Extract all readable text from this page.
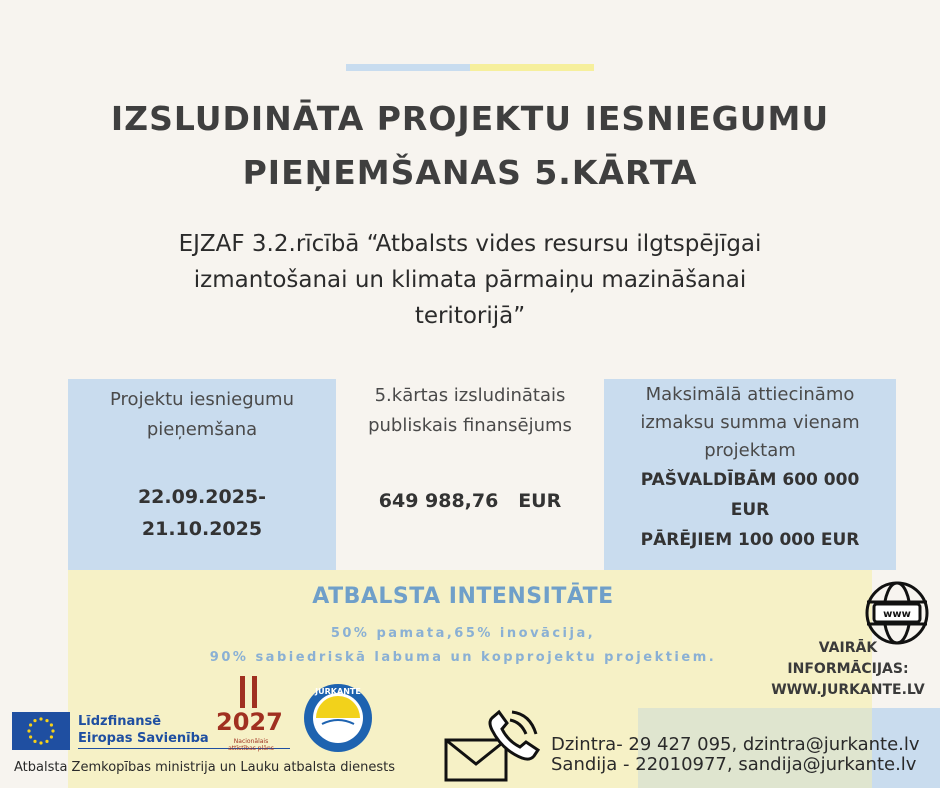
IZSLUDINĀTA PROJEKTU IESNIEGUMU
PIEŅEMŠANAS 5.KĀRTA
EJZAF 3.2.rīcībā “Atbalsts vides resursu ilgtspējīgai
izmantošanai un klimata pārmaiņu mazināšanai
teritorijā”
Projektu iesniegumu
pieņemšana
22.09.2025-
21.10.2025
5.kārtas izsludinātais
publiskais finansējums
649 988,76   EUR
Maksimālā attiecināmo
izmaksu summa vienam
projektam
PAŠVALDĪBĀM 600 000
EUR
PĀRĒJIEM 100 000 EUR
ATBALSTA INTENSITĀTE
50% pamata,65% inovācija,
90% sabiedriskā labuma un kopprojektu projektiem.
www
VAIRĀK
INFORMĀCIJAS:
WWW.JURKANTE.LV
Dzintra- 29 427 095, dzintra@jurkante.lv
Sandija - 22010977, sandija@jurkante.lv
Līdzfinansē
Eiropas Savienība
2027
Nacionālais
attīstības plāns
JURKANTE
Atbalsta Zemkopības ministrija un Lauku atbalsta dienests
